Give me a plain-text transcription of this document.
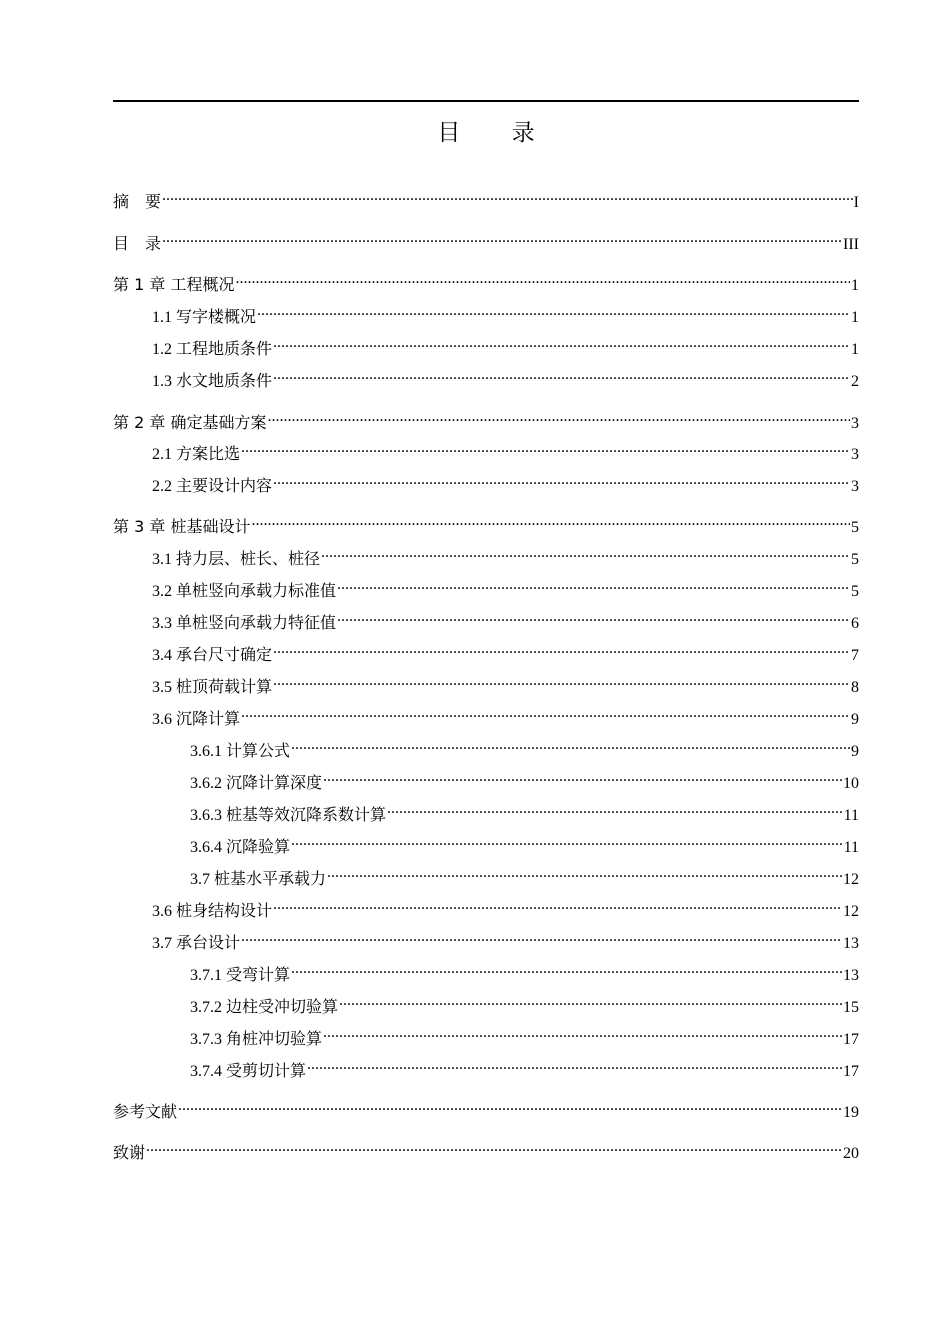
目 录
摘　要 .....	I
目　录 .....	III
第 1 章 工程概况 .....	1
1.1 写字楼概况 .....	1
1.2 工程地质条件 .....	1
1.3 水文地质条件 .....	2
第 2 章 确定基础方案 .....	3
2.1 方案比选 .....	3
2.2 主要设计内容 .....	3
第 3 章 桩基础设计 .....	5
3.1 持力层、桩长、桩径 .....	5
3.2 单桩竖向承载力标准值 .....	5
3.3 单桩竖向承载力特征值 .....	6
3.4 承台尺寸确定 .....	7
3.5 桩顶荷载计算 .....	8
3.6 沉降计算 .....	9
3.6.1 计算公式 .....	9
3.6.2 沉降计算深度 .....	10
3.6.3 桩基等效沉降系数计算 .....	11
3.6.4 沉降验算 .....	11
3.7 桩基水平承载力 .....	12
3.6 桩身结构设计 .....	12
3.7 承台设计 .....	13
3.7.1 受弯计算 .....	13
3.7.2 边柱受冲切验算 .....	15
3.7.3 角桩冲切验算 .....	17
3.7.4 受剪切计算 .....	17
参考文献 .....	19
致谢 .....	20
